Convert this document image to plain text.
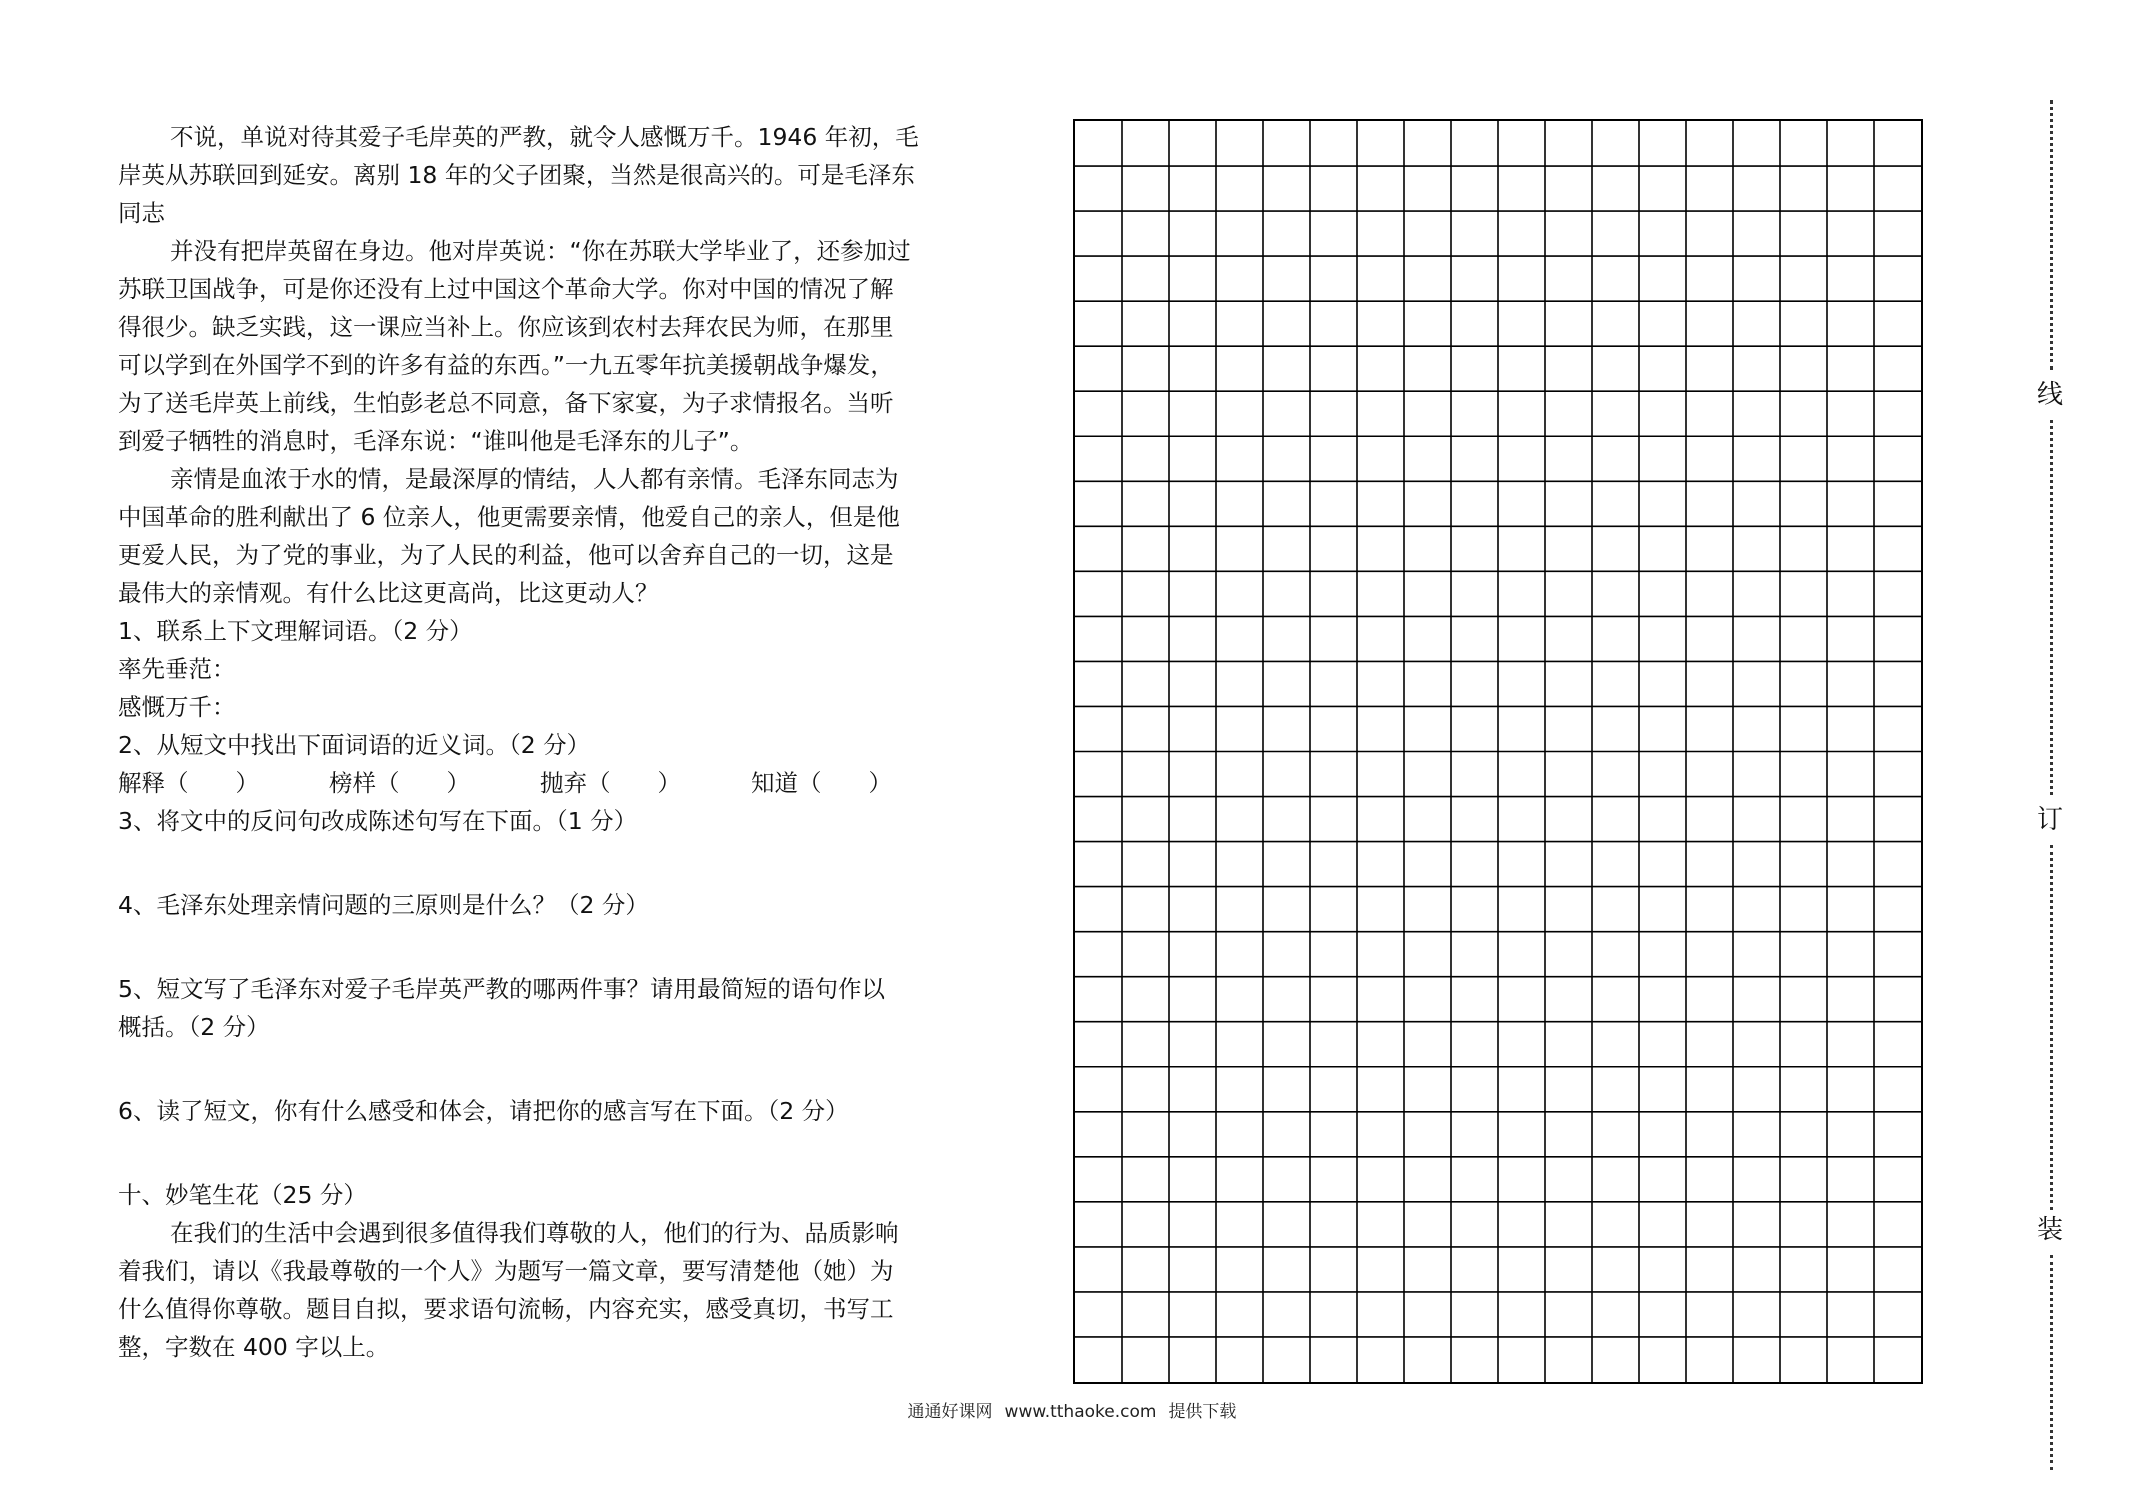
不说，单说对待其爱子毛岸英的严教，就令人感慨万千。1946 年初，毛

岸英从苏联回到延安。离别 18 年的父子团聚，当然是很高兴的。可是毛泽东

同志

并没有把岸英留在身边。他对岸英说：“你在苏联大学毕业了，还参加过

苏联卫国战争，可是你还没有上过中国这个革命大学。你对中国的情况了解

得很少。缺乏实践，这一课应当补上。你应该到农村去拜农民为师，在那里

可以学到在外国学不到的许多有益的东西。”一九五零年抗美援朝战争爆发，

为了送毛岸英上前线，生怕彭老总不同意，备下家宴，为子求情报名。当听

到爱子牺牲的消息时，毛泽东说：“谁叫他是毛泽东的儿子”。

亲情是血浓于水的情，是最深厚的情结，人人都有亲情。毛泽东同志为

中国革命的胜利献出了 6 位亲人，他更需要亲情，他爱自己的亲人，但是他

更爱人民，为了党的事业，为了人民的利益，他可以舍弃自己的一切，这是

最伟大的亲情观。有什么比这更高尚，比这更动人？

1、联系上下文理解词语。（2 分）

率先垂范：

感慨万千：

2、从短文中找出下面词语的近义词。（2 分）

解释（　　）	榜样（　　）	抛弃（　　）	知道（　　）

3、将文中的反问句改成陈述句写在下面。（1 分）

4、毛泽东处理亲情问题的三原则是什么？（2 分）

5、短文写了毛泽东对爱子毛岸英严教的哪两件事？请用最简短的语句作以

概括。（2 分）

6、读了短文，你有什么感受和体会，请把你的感言写在下面。（2 分）

十、妙笔生花（25 分）

在我们的生活中会遇到很多值得我们尊敬的人，他们的行为、品质影响

着我们，请以《我最尊敬的一个人》为题写一篇文章，要写清楚他（她）为

什么值得你尊敬。题目自拟，要求语句流畅，内容充实，感受真切，书写工

整，字数在 400 字以上。

线
订
装
通通好课网 www.tthaoke.com 提供下载
